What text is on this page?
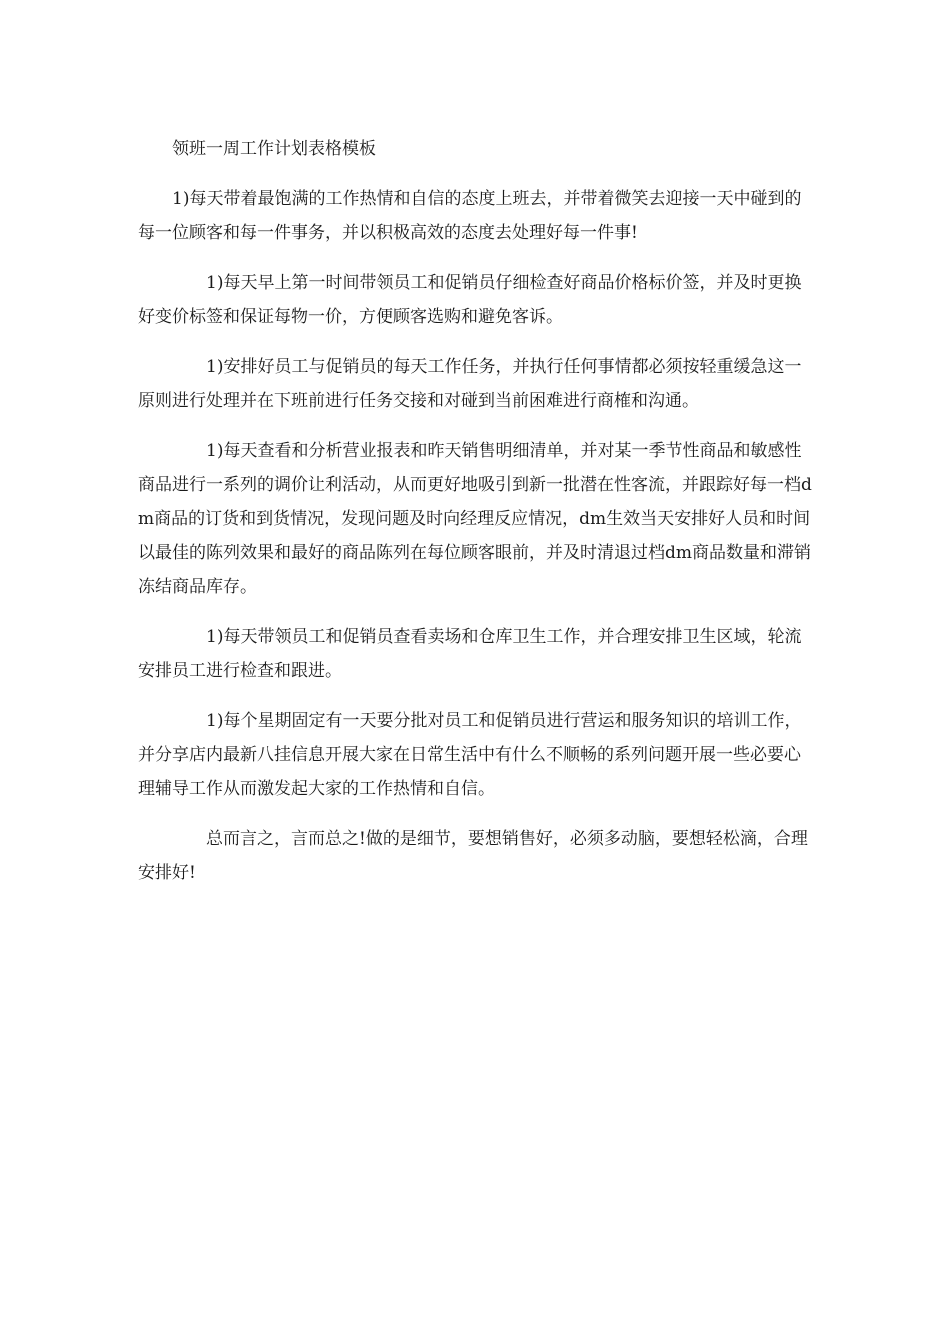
领班一周工作计划表格模板

1)每天带着最饱满的工作热情和自信的态度上班去，并带着微笑去迎接一天中碰到的每一位顾客和每一件事务，并以积极高效的态度去处理好每一件事!

1)每天早上第一时间带领员工和促销员仔细检查好商品价格标价签，并及时更换好变价标签和保证每物一价，方便顾客选购和避免客诉。

1)安排好员工与促销员的每天工作任务，并执行任何事情都必须按轻重缓急这一原则进行处理并在下班前进行任务交接和对碰到当前困难进行商榷和沟通。

1)每天查看和分析营业报表和昨天销售明细清单，并对某一季节性商品和敏感性商品进行一系列的调价让利活动，从而更好地吸引到新一批潜在性客流，并跟踪好每一档dm商品的订货和到货情况，发现问题及时向经理反应情况，dm生效当天安排好人员和时间以最佳的陈列效果和最好的商品陈列在每位顾客眼前，并及时清退过档dm商品数量和滞销冻结商品库存。

1)每天带领员工和促销员查看卖场和仓库卫生工作，并合理安排卫生区域，轮流安排员工进行检查和跟进。

1)每个星期固定有一天要分批对员工和促销员进行营运和服务知识的培训工作，并分享店内最新八挂信息开展大家在日常生活中有什么不顺畅的系列问题开展一些必要心理辅导工作从而激发起大家的工作热情和自信。

总而言之，言而总之!做的是细节，要想销售好，必须多动脑，要想轻松滴，合理安排好!
